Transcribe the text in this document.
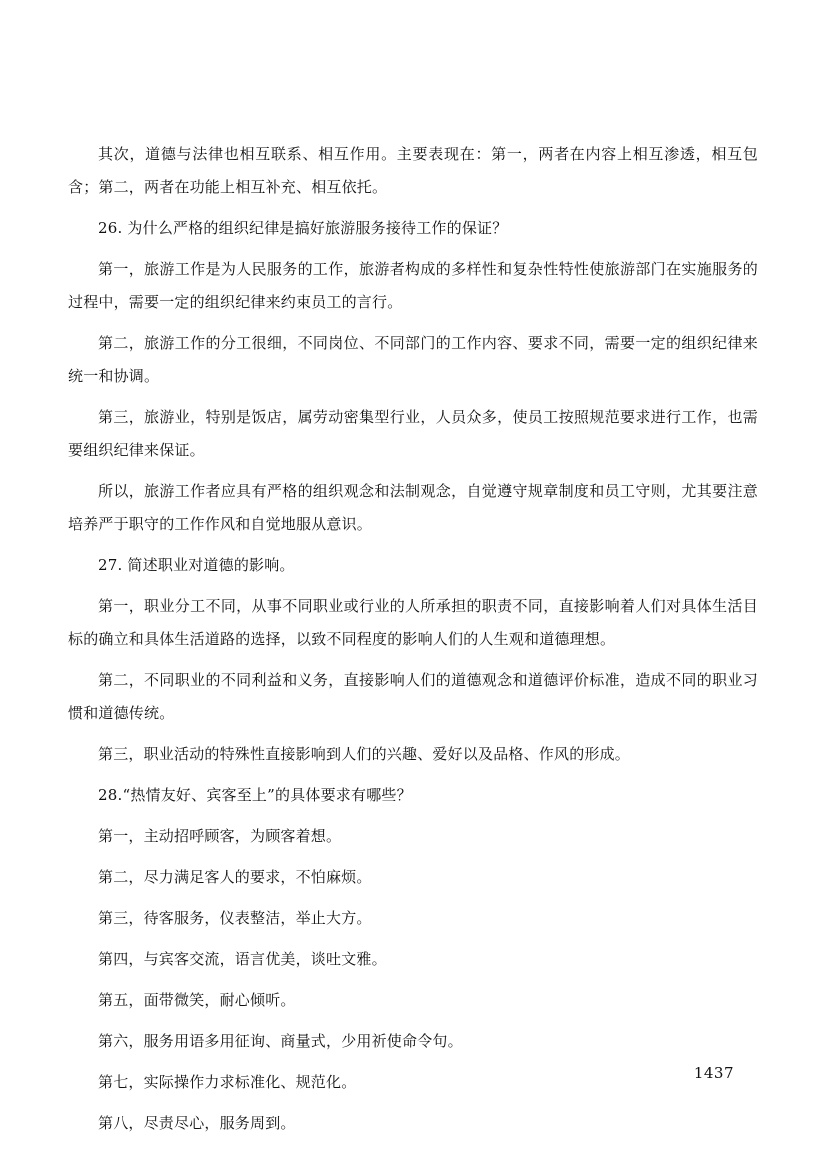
其次，道德与法律也相互联系、相互作用。主要表现在：第一，两者在内容上相互渗透，相互包含；第二，两者在功能上相互补充、相互依托。

26. 为什么严格的组织纪律是搞好旅游服务接待工作的保证？

第一，旅游工作是为人民服务的工作，旅游者构成的多样性和复杂性特性使旅游部门在实施服务的过程中，需要一定的组织纪律来约束员工的言行。

第二，旅游工作的分工很细，不同岗位、不同部门的工作内容、要求不同，需要一定的组织纪律来统一和协调。

第三，旅游业，特别是饭店，属劳动密集型行业，人员众多，使员工按照规范要求进行工作，也需要组织纪律来保证。

所以，旅游工作者应具有严格的组织观念和法制观念，自觉遵守规章制度和员工守则，尤其要注意培养严于职守的工作作风和自觉地服从意识。

27. 简述职业对道德的影响。

第一，职业分工不同，从事不同职业或行业的人所承担的职责不同，直接影响着人们对具体生活目标的确立和具体生活道路的选择，以致不同程度的影响人们的人生观和道德理想。

第二，不同职业的不同利益和义务，直接影响人们的道德观念和道德评价标准，造成不同的职业习惯和道德传统。

第三，职业活动的特殊性直接影响到人们的兴趣、爱好以及品格、作风的形成。

28.“热情友好、宾客至上”的具体要求有哪些？

第一，主动招呼顾客，为顾客着想。

第二，尽力满足客人的要求，不怕麻烦。

第三，待客服务，仪表整洁，举止大方。

第四，与宾客交流，语言优美，谈吐文雅。

第五，面带微笑，耐心倾听。

第六，服务用语多用征询、商量式，少用祈使命令句。

第七，实际操作力求标准化、规范化。

第八，尽责尽心，服务周到。

1437
